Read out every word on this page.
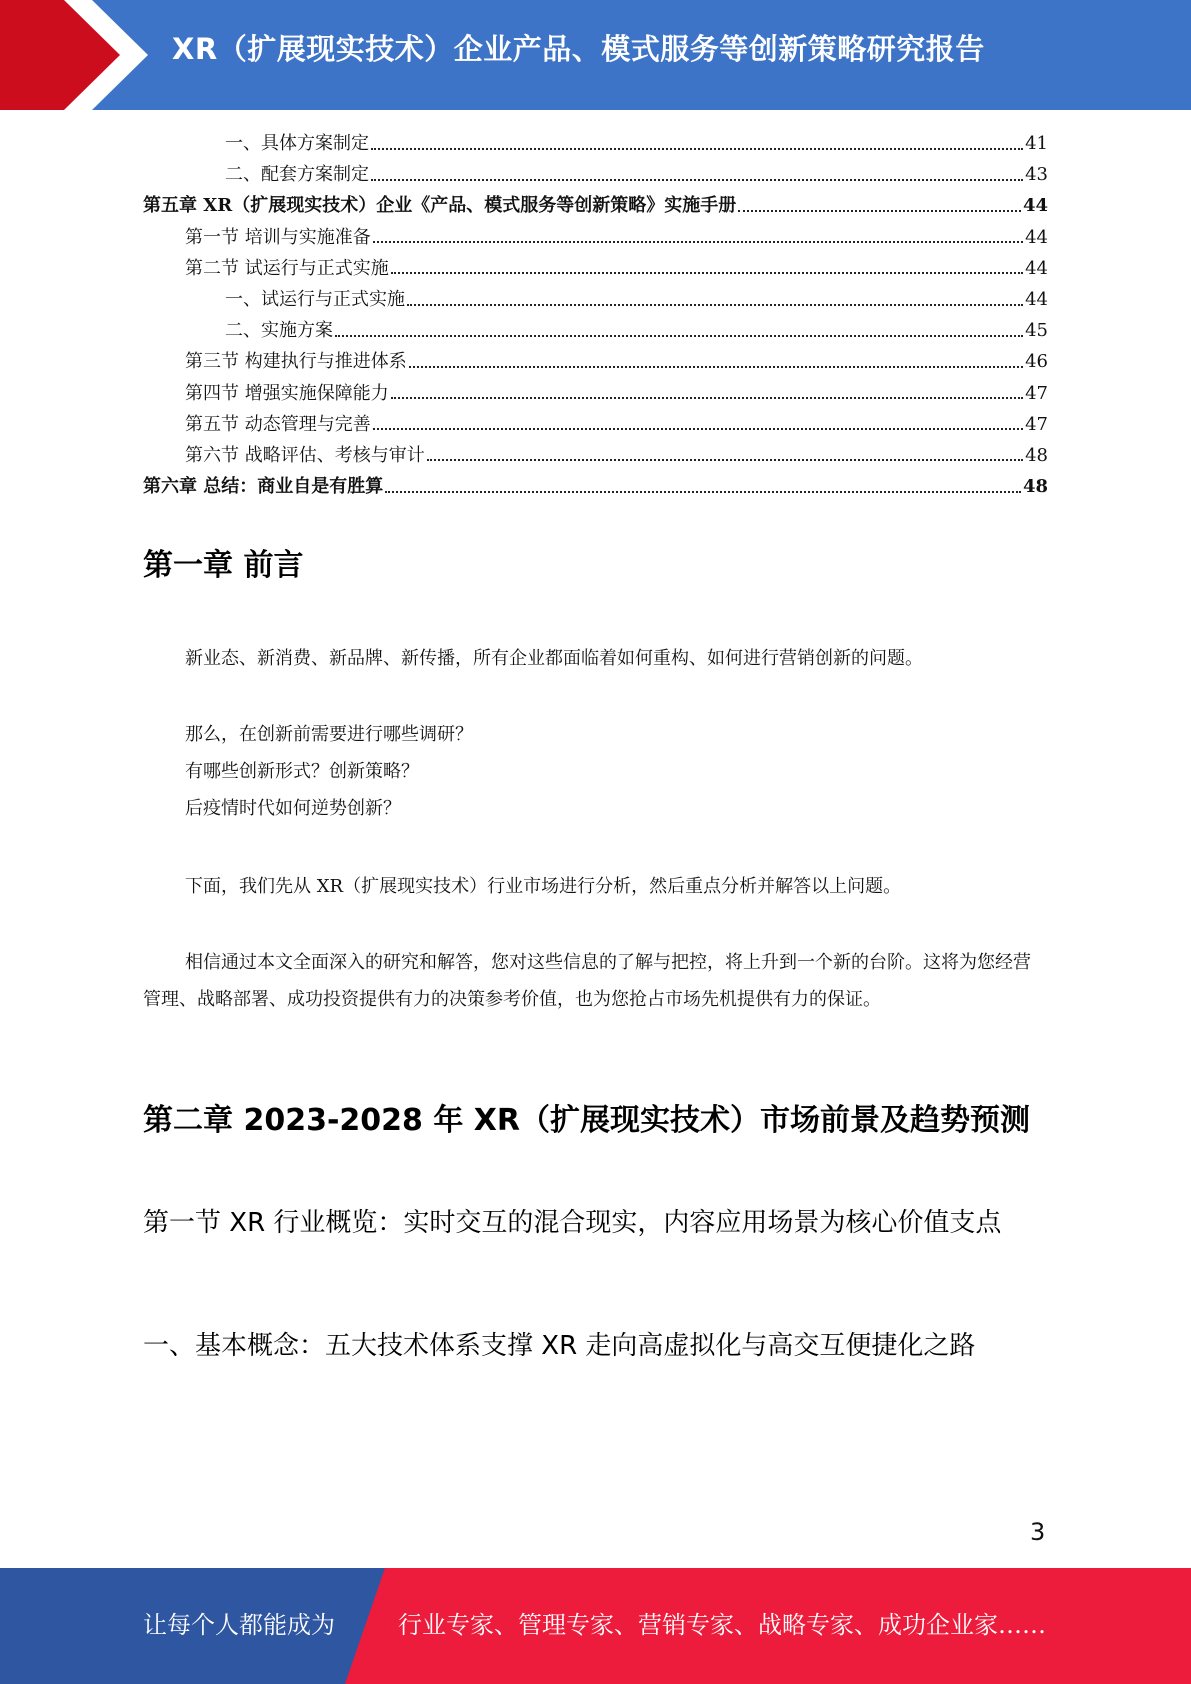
XR（扩展现实技术）企业产品、模式服务等创新策略研究报告
一、具体方案制定	41
二、配套方案制定	43
第五章 XR（扩展现实技术）企业《产品、模式服务等创新策略》实施手册	44
第一节 培训与实施准备	44
第二节 试运行与正式实施	44
一、试运行与正式实施	44
二、实施方案	45
第三节 构建执行与推进体系	46
第四节 增强实施保障能力	47
第五节 动态管理与完善	47
第六节 战略评估、考核与审计	48
第六章 总结：商业自是有胜算	48
第一章 前言
新业态、新消费、新品牌、新传播，所有企业都面临着如何重构、如何进行营销创新的问题。
那么，在创新前需要进行哪些调研？
有哪些创新形式？创新策略？
后疫情时代如何逆势创新？
下面，我们先从 XR（扩展现实技术）行业市场进行分析，然后重点分析并解答以上问题。
相信通过本文全面深入的研究和解答，您对这些信息的了解与把控，将上升到一个新的台阶。这将为您经营管理、战略部署、成功投资提供有力的决策参考价值，也为您抢占市场先机提供有力的保证。
第二章 2023-2028 年 XR（扩展现实技术）市场前景及趋势预测
第一节 XR 行业概览：实时交互的混合现实，内容应用场景为核心价值支点
一、基本概念：五大技术体系支撑 XR 走向高虚拟化与高交互便捷化之路
3
让每个人都能成为	行业专家、管理专家、营销专家、战略专家、成功企业家……
